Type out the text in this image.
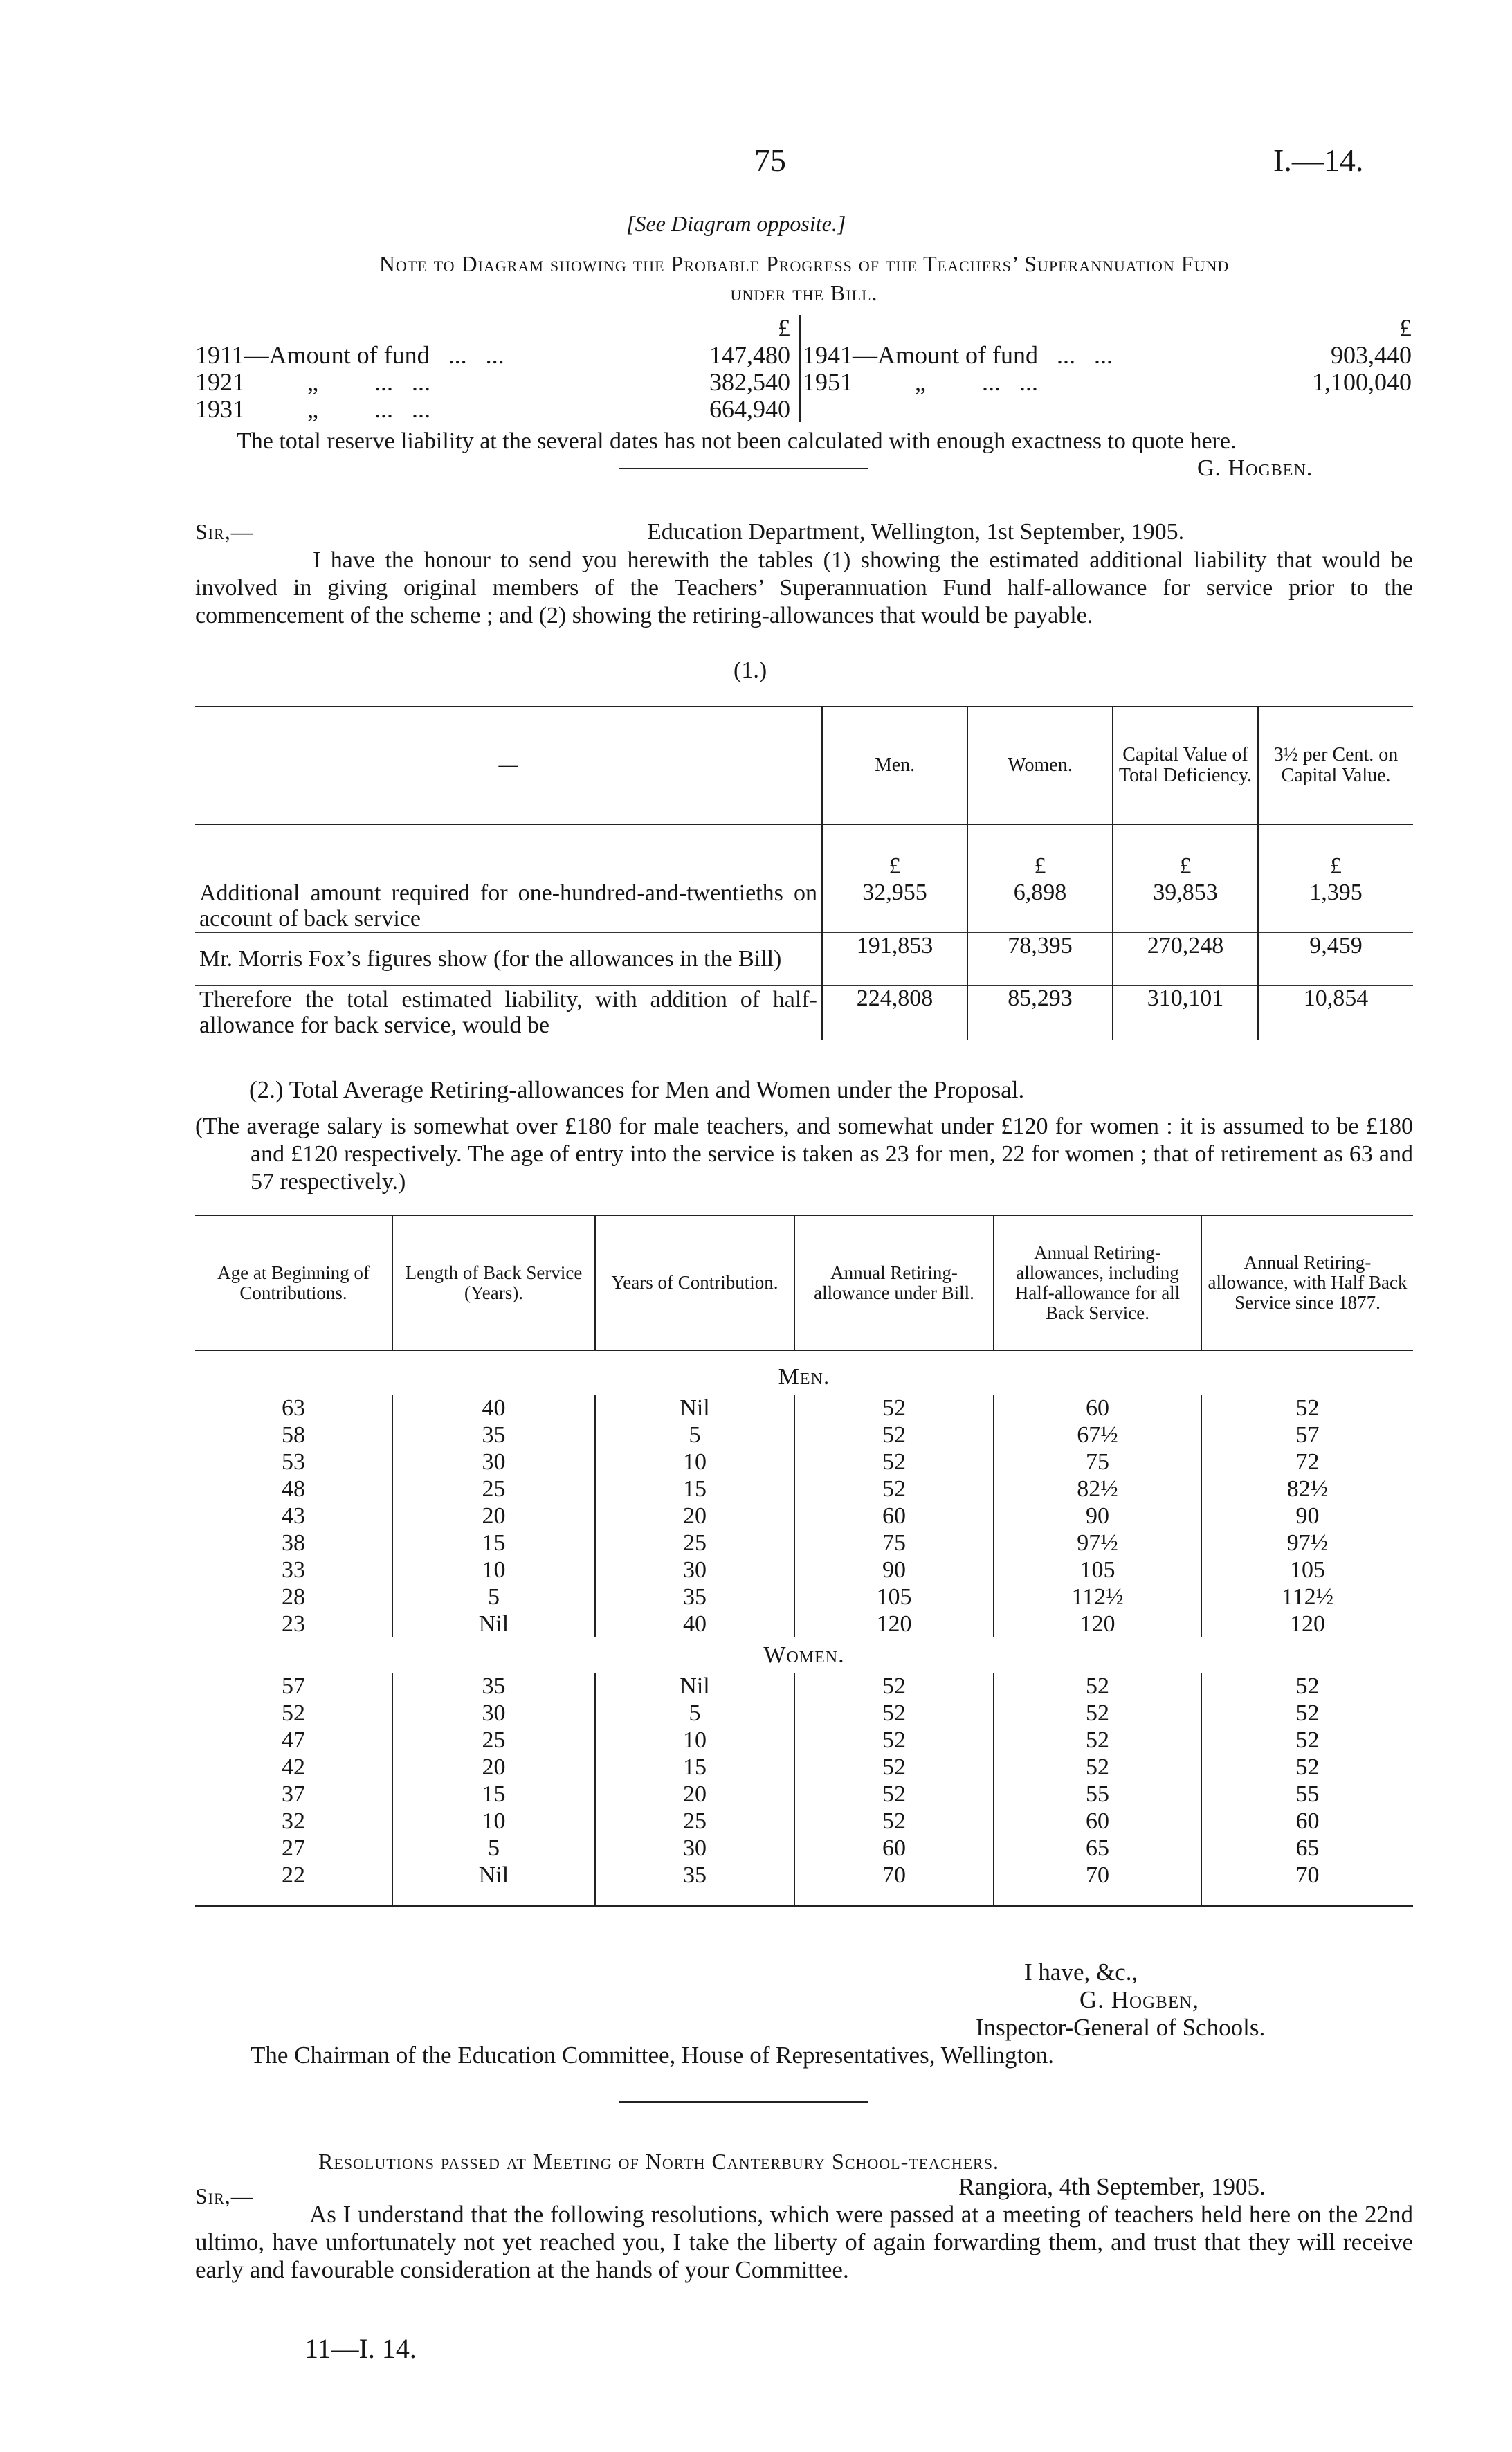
75	I.—14.
[See Diagram opposite.]
Note to Diagram showing the Probable Progress of the Teachers’ Superannuation Fund
under the Bill.
£
1911—Amount of fund   ...   ...	147,480
1921          „         ...   ...	382,540
1931          „         ...   ...	664,940
£
1941—Amount of fund   ...   ...	903,440
1951          „         ...   ...	1,100,040
The total reserve liability at the several dates has not been calculated with enough exactness to quote here.
G. Hogben.
Sir,—	Education Department, Wellington, 1st September, 1905.
I have the honour to send you herewith the tables (1) showing the estimated additional liability that would be involved in giving original members of the Teachers’ Superannuation Fund half-allowance for service prior to the commencement of the scheme ; and (2) showing the retiring-allowances that would be payable.
(1.)
—	Men.	Women.	Capital Value of Total Deficiency.	3½ per Cent. on Capital Value.
	£	£	£	£
Additional amount required for one-hundred-and-twentieths on account of back service	32,955	6,898	39,853	1,395
Mr. Morris Fox’s figures show (for the allowances in the Bill)	191,853	78,395	270,248	9,459
Therefore the total estimated liability, with addition of half-allowance for back service, would be	224,808	85,293	310,101	10,854
(2.) Total Average Retiring-allowances for Men and Women under the Proposal.
(The average salary is somewhat over £180 for male teachers, and somewhat under £120 for women : it is assumed to be £180 and £120 respectively. The age of entry into the service is taken as 23 for men, 22 for women ; that of retirement as 63 and 57 respectively.)
Age at Beginning of Contributions.	Length of Back Service (Years).	Years of Contribution.	Annual Retiring-allowance under Bill.	Annual Retiring-allowances, including Half-allowance for all Back Service.	Annual Retiring-allowance, with Half Back Service since 1877.
Men.					
63	40	Nil	52	60	52
58	35	5	52	67½	57
53	30	10	52	75	72
48	25	15	52	82½	82½
43	20	20	60	90	90
38	15	25	75	97½	97½
33	10	30	90	105	105
28	5	35	105	112½	112½
23	Nil	40	120	120	120
Women.					
57	35	Nil	52	52	52
52	30	5	52	52	52
47	25	10	52	52	52
42	20	15	52	52	52
37	15	20	52	55	55
32	10	25	52	60	60
27	5	30	60	65	65
22	Nil	35	70	70	70

I have, &c.,
G. Hogben,
Inspector-General of Schools.
The Chairman of the Education Committee, House of Representatives, Wellington.
Resolutions passed at Meeting of North Canterbury School-teachers.
Sir,—	Rangiora, 4th September, 1905.
As I understand that the following resolutions, which were passed at a meeting of teachers held here on the 22nd ultimo, have unfortunately not yet reached you, I take the liberty of again forwarding them, and trust that they will receive early and favourable consideration at the hands of your Committee.
11—I. 14.
